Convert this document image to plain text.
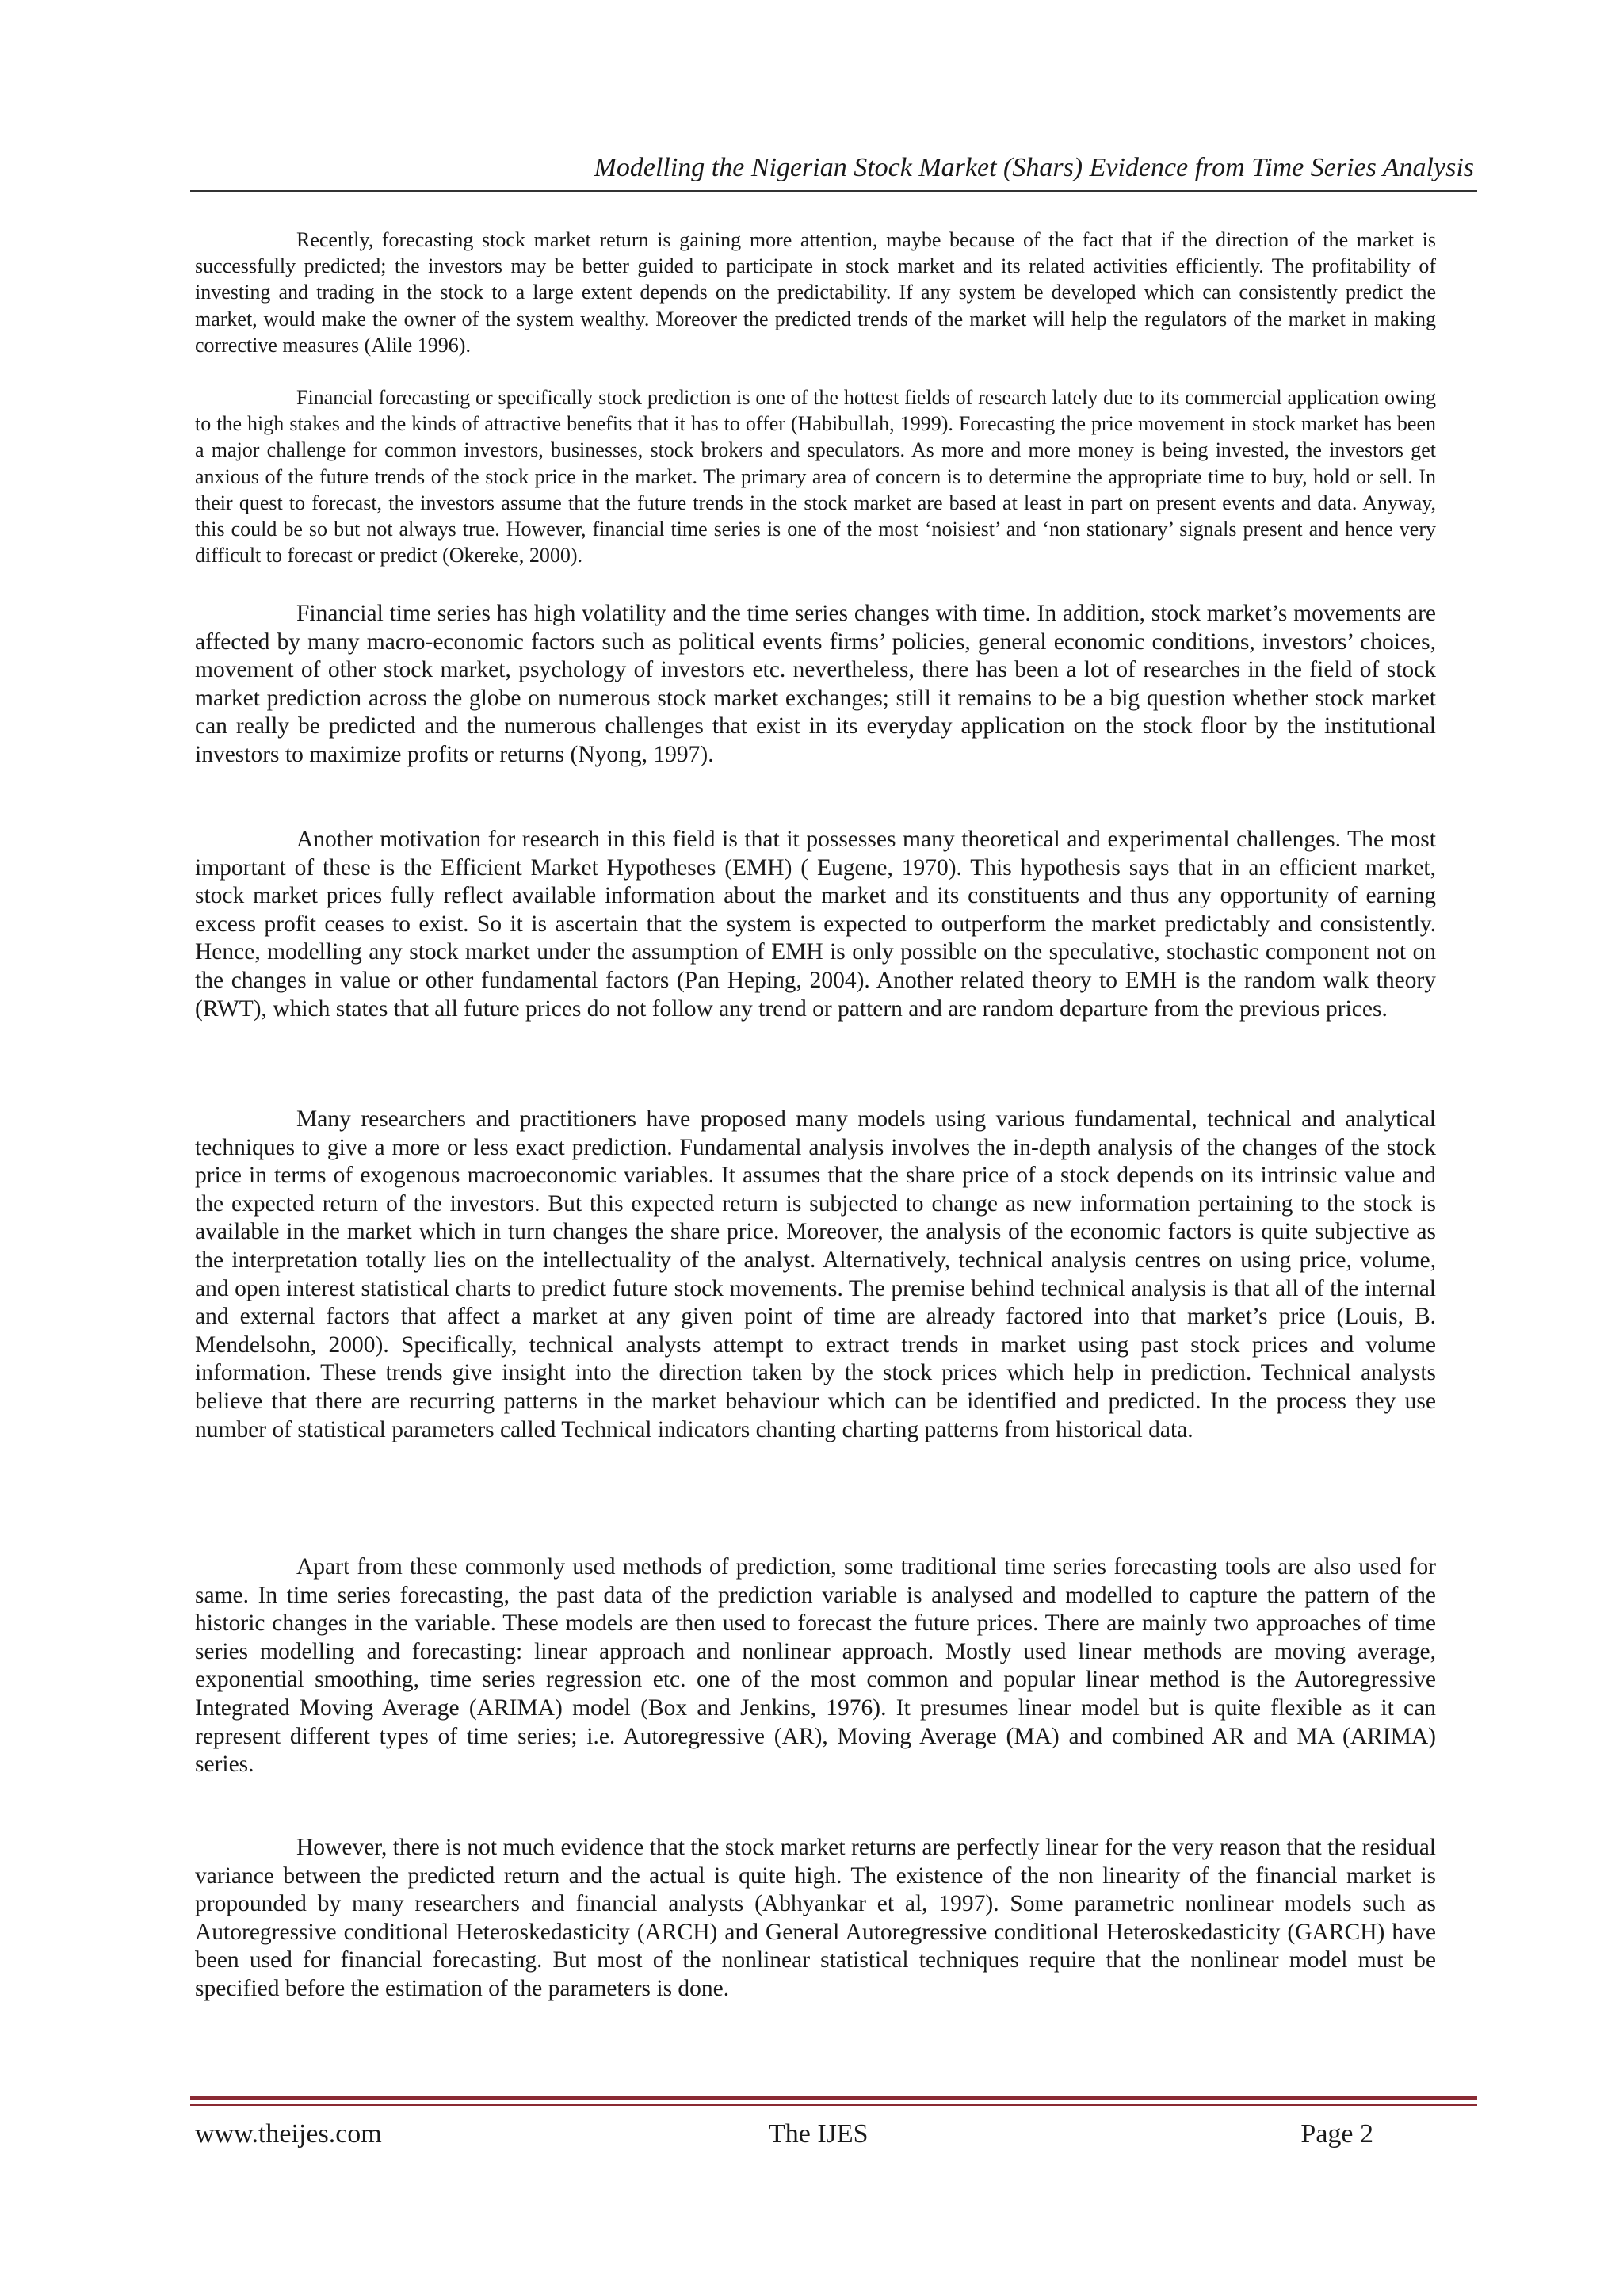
Modelling the Nigerian Stock Market (Shars) Evidence from Time Series Analysis

Recently, forecasting stock market return is gaining more attention, maybe because of the fact that if the direction of the market is successfully predicted; the investors may be better guided to participate in stock market and its related activities efficiently. The profitability of investing and trading in the stock to a large extent depends on the predictability. If any system be developed which can consistently predict the market, would make the owner of the system wealthy. Moreover the predicted trends of the market will help the regulators of the market in making corrective measures (Alile 1996).

Financial forecasting or specifically stock prediction is one of the hottest fields of research lately due to its commercial application owing to the high stakes and the kinds of attractive benefits that it has to offer (Habibullah, 1999). Forecasting the price movement in stock market has been a major challenge for common investors, businesses, stock brokers and speculators. As more and more money is being invested, the investors get anxious of the future trends of the stock price in the market. The primary area of concern is to determine the appropriate time to buy, hold or sell. In their quest to forecast, the investors assume that the future trends in the stock market are based at least in part on present events and data. Anyway, this could be so but not always true. However, financial time series is one of the most ‘noisiest’ and ‘non stationary’ signals present and hence very difficult to forecast or predict (Okereke, 2000).

Financial time series has high volatility and the time series changes with time. In addition, stock market’s movements are affected by many macro-economic factors such as political events firms’ policies, general economic conditions, investors’ choices, movement of other stock market, psychology of investors etc. nevertheless, there has been a lot of researches in the field of stock market prediction across the globe on numerous stock market exchanges; still it remains to be a big question whether stock market can really be predicted and the numerous challenges that exist in its everyday application on the stock floor by the institutional investors to maximize profits or returns (Nyong, 1997).

Another motivation for research in this field is that it possesses many theoretical and experimental challenges. The most important of these is the Efficient Market Hypotheses (EMH) ( Eugene, 1970). This hypothesis says that in an efficient market, stock market prices fully reflect available information about the market and its constituents and thus any opportunity of earning excess profit ceases to exist. So it is ascertain that the system is expected to outperform the market predictably and consistently. Hence, modelling any stock market under the assumption of EMH is only possible on the speculative, stochastic component not on the changes in value or other fundamental factors (Pan Heping, 2004). Another related theory to EMH is the random walk theory (RWT), which states that all future prices do not follow any trend or pattern and are random departure from the previous prices.

Many researchers and practitioners have proposed many models using various fundamental, technical and analytical techniques to give a more or less exact prediction. Fundamental analysis involves the in-depth analysis of the changes of the stock price in terms of exogenous macroeconomic variables. It assumes that the share price of a stock depends on its intrinsic value and the expected return of the investors. But this expected return is subjected to change as new information pertaining to the stock is available in the market which in turn changes the share price. Moreover, the analysis of the economic factors is quite subjective as the interpretation totally lies on the intellectuality of the analyst. Alternatively, technical analysis centres on using price, volume, and open interest statistical charts to predict future stock movements. The premise behind technical analysis is that all of the internal and external factors that affect a market at any given point of time are already factored into that market’s price (Louis, B. Mendelsohn, 2000). Specifically, technical analysts attempt to extract trends in market using past stock prices and volume information. These trends give insight into the direction taken by the stock prices which help in prediction. Technical analysts believe that there are recurring patterns in the market behaviour which can be identified and predicted. In the process they use number of statistical parameters called Technical indicators chanting charting patterns from historical data.

Apart from these commonly used methods of prediction, some traditional time series forecasting tools are also used for same. In time series forecasting, the past data of the prediction variable is analysed and modelled to capture the pattern of the historic changes in the variable. These models are then used to forecast the future prices. There are mainly two approaches of time series modelling and forecasting: linear approach and nonlinear approach. Mostly used linear methods are moving average, exponential smoothing, time series regression etc. one of the most common and popular linear method is the Autoregressive Integrated Moving Average (ARIMA) model (Box and Jenkins, 1976). It presumes linear model but is quite flexible as it can represent different types of time series; i.e. Autoregressive (AR), Moving Average (MA) and combined AR and MA (ARIMA) series.

However, there is not much evidence that the stock market returns are perfectly linear for the very reason that the residual variance between the predicted return and the actual is quite high. The existence of the non linearity of the financial market is propounded by many researchers and financial analysts (Abhyankar et al, 1997). Some parametric nonlinear models such as Autoregressive conditional Heteroskedasticity (ARCH) and General Autoregressive conditional Heteroskedasticity (GARCH) have been used for financial forecasting. But most of the nonlinear statistical techniques require that the nonlinear model must be specified before the estimation of the parameters is done.

www.theijes.com	The IJES	Page 2
